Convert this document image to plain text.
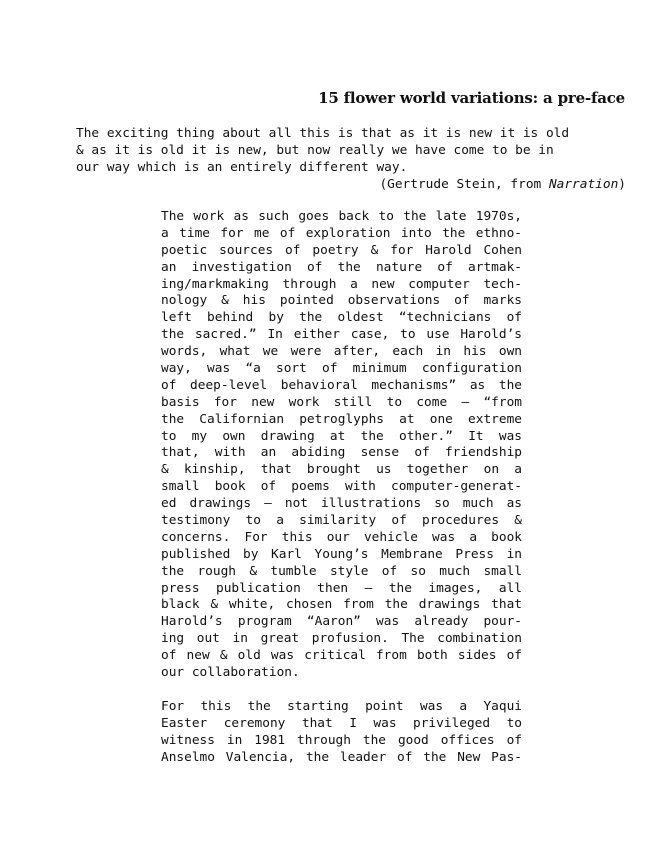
15 flower world variations: a pre-face
The exciting thing about all this is that as it is new it is old
& as it is old it is new, but now really we have come to be in
our way which is an entirely different way.
(Gertrude Stein, from Narration)
The work as such goes back to the late 1970s,
a time for me of exploration into the ethno-
poetic sources of poetry & for Harold Cohen
an investigation of the nature of artmak-
ing/markmaking through a new computer tech-
nology & his pointed observations of marks
left behind by the oldest “technicians of
the sacred.” In either case, to use Harold’s
words, what we were after, each in his own
way, was “a sort of minimum configuration
of deep-level behavioral mechanisms” as the
basis for new work still to come – “from
the Californian petroglyphs at one extreme
to my own drawing at the other.” It was
that, with an abiding sense of friendship
& kinship, that brought us together on a
small book of poems with computer-generat-
ed drawings – not illustrations so much as
testimony to a similarity of procedures &
concerns. For this our vehicle was a book
published by Karl Young’s Membrane Press in
the rough & tumble style of so much small
press publication then – the images, all
black & white, chosen from the drawings that
Harold’s program “Aaron” was already pour-
ing out in great profusion. The combination
of new & old was critical from both sides of
our collaboration.
For this the starting point was a Yaqui
Easter ceremony that I was privileged to
witness in 1981 through the good offices of
Anselmo Valencia, the leader of the New Pas-
